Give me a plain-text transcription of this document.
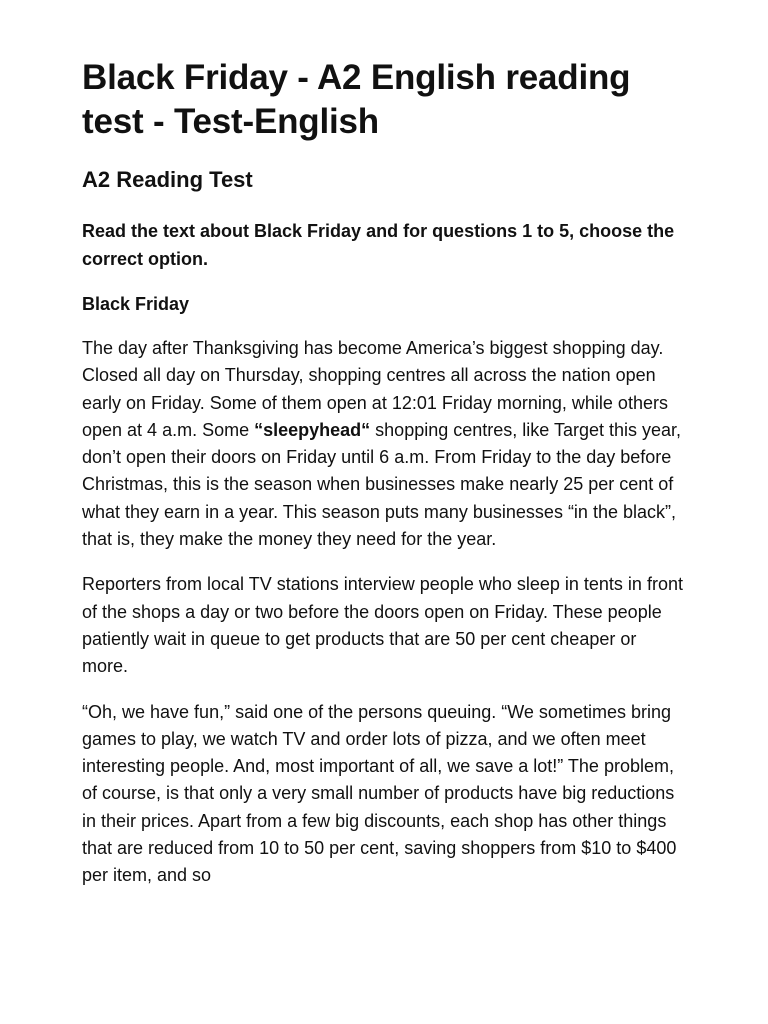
Black Friday - A2 English reading test - Test-English
A2 Reading Test

Read the text about Black Friday and for questions 1 to 5, choose the correct option.

Black Friday

The day after Thanksgiving has become America’s biggest shopping day. Closed all day on Thursday, shopping centres all across the nation open early on Friday. Some of them open at 12:01 Friday morning, while others open at 4 a.m. Some “sleepyhead“ shopping centres, like Target this year, don’t open their doors on Friday until 6 a.m. From Friday to the day before Christmas, this is the season when businesses make nearly 25 per cent of what they earn in a year. This season puts many businesses “in the black”, that is, they make the money they need for the year.

Reporters from local TV stations interview people who sleep in tents in front of the shops a day or two before the doors open on Friday. These people patiently wait in queue to get products that are 50 per cent cheaper or more.

“Oh, we have fun,” said one of the persons queuing. “We sometimes bring games to play, we watch TV and order lots of pizza, and we often meet interesting people. And, most important of all, we save a lot!” The problem, of course, is that only a very small number of products have big reductions in their prices. Apart from a few big discounts, each shop has other things that are reduced from 10 to 50 per cent, saving shoppers from $10 to $400 per item, and so
